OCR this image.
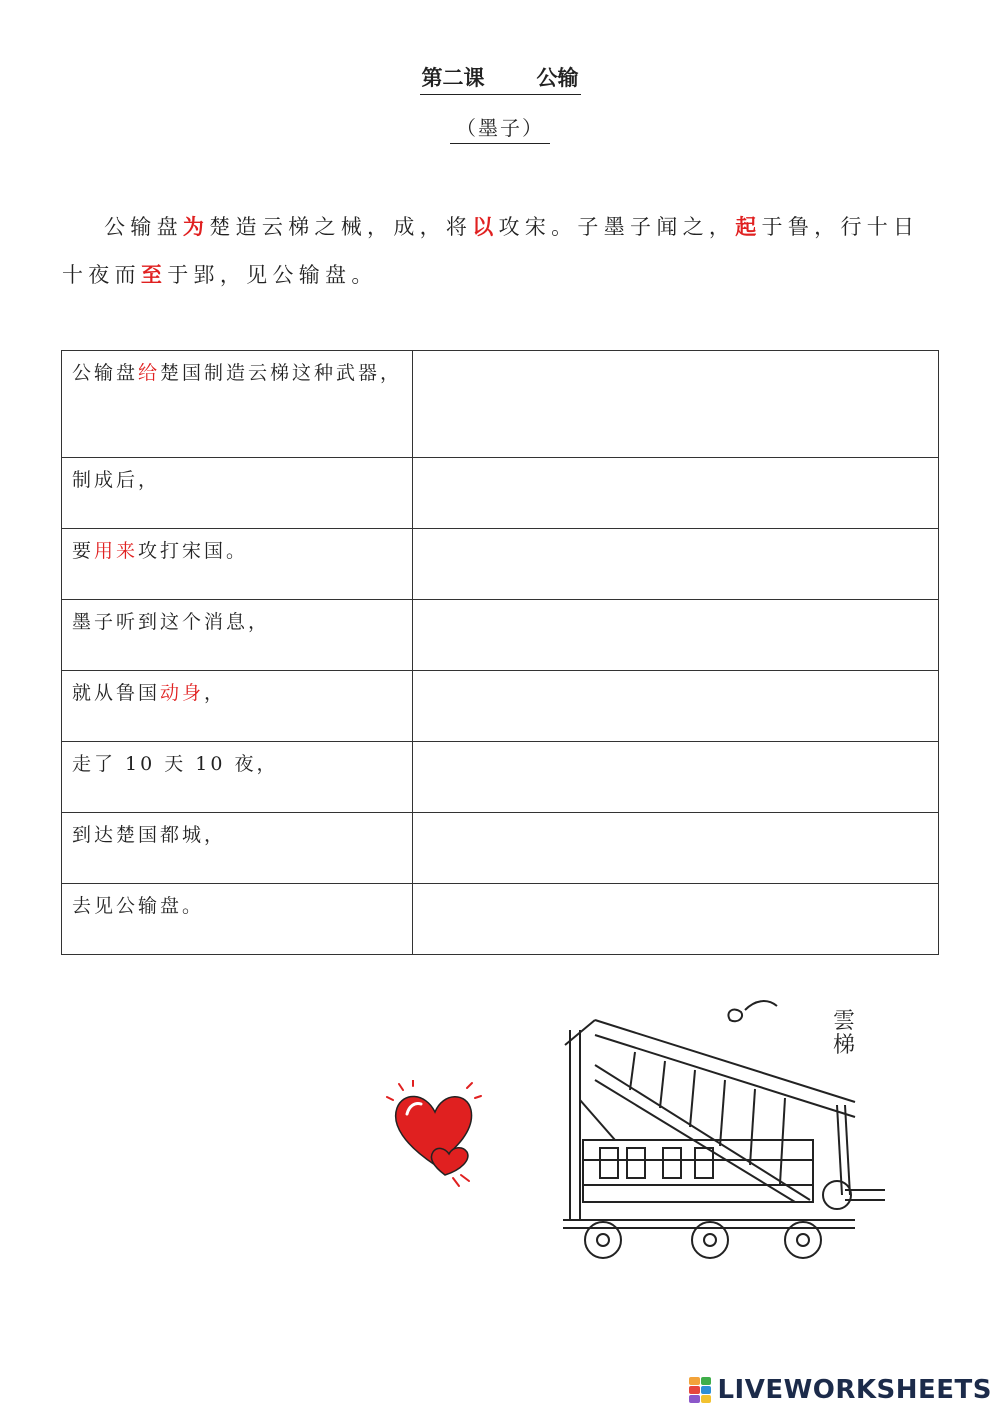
第二课 公输
（墨子）
公输盘为楚造云梯之械，成，将以攻宋。子墨子闻之，起于鲁，行十日十夜而至于郢，见公输盘。
公输盘给楚国制造云梯这种武器，	

制成后，	

要用来攻打宋国。	

墨子听到这个消息，	

就从鲁国动身，	

走了 10 天 10 夜，	

到达楚国都城，	

去见公输盘。	
雲
梯
LIVEWORKSHEETS
